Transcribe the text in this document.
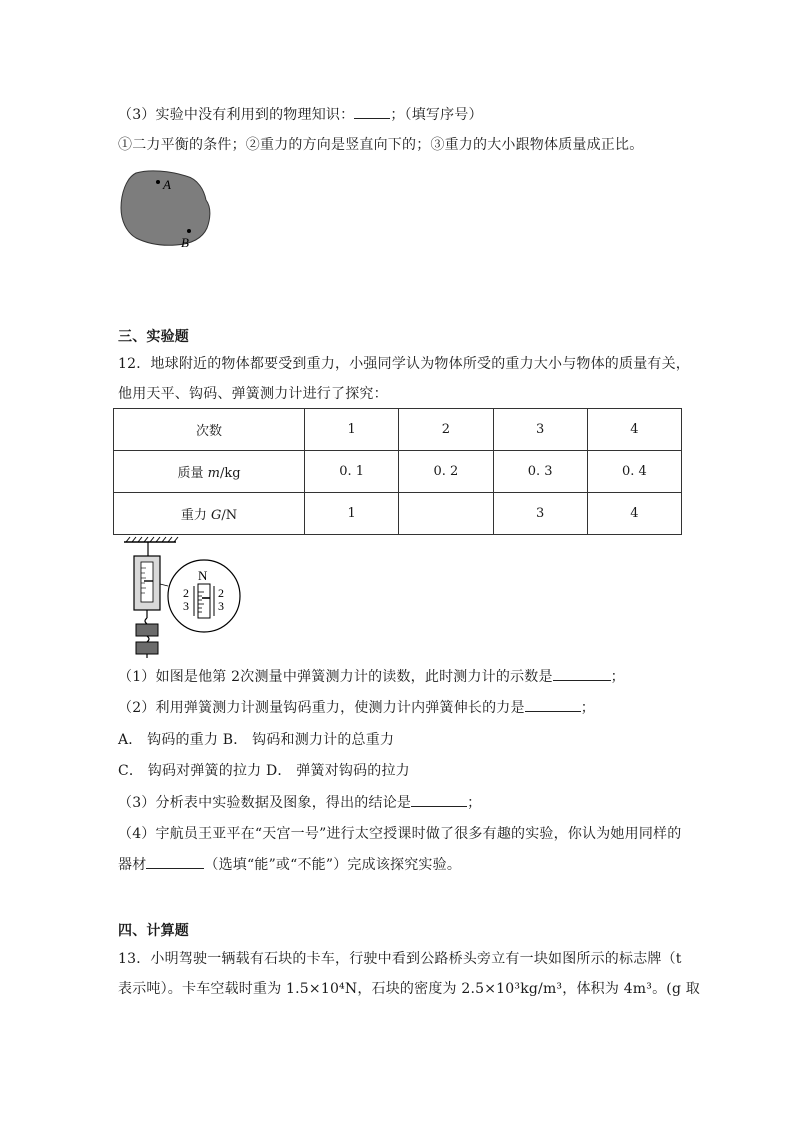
（3）实验中没有利用到的物理知识：	；（填写序号）
①二力平衡的条件；②重力的方向是竖直向下的；③重力的大小跟物体质量成正比。
A
B
三、实验题
12．地球附近的物体都要受到重力，小强同学认为物体所受的重力大小与物体的质量有关，
他用天平、钩码、弹簧测力计进行了探究：
次数	1	2	3	4
质量 m/kg	0. 1	0. 2	0. 3	0. 4
重力 G/N	1		3	4
N
2
3
2
3
（1）如图是他第 2次测量中弹簧测力计的读数，此时测力计的示数是	；
（2）利用弹簧测力计测量钩码重力，使测力计内弹簧伸长的力是	；
A． 钩码的重力 B． 钩码和测力计的总重力
C． 钩码对弹簧的拉力 D． 弹簧对钩码的拉力
（3）分析表中实验数据及图象，得出的结论是	；
（4）宇航员王亚平在“天宫一号”进行太空授课时做了很多有趣的实验，你认为她用同样的
器材	（选填“能”或“不能”）完成该探究实验。
四、计算题
13．小明驾驶一辆载有石块的卡车，行驶中看到公路桥头旁立有一块如图所示的标志牌（t
表示吨）。卡车空载时重为 1.5×10⁴N，石块的密度为 2.5×10³kg/m³，体积为 4m³。(g 取
